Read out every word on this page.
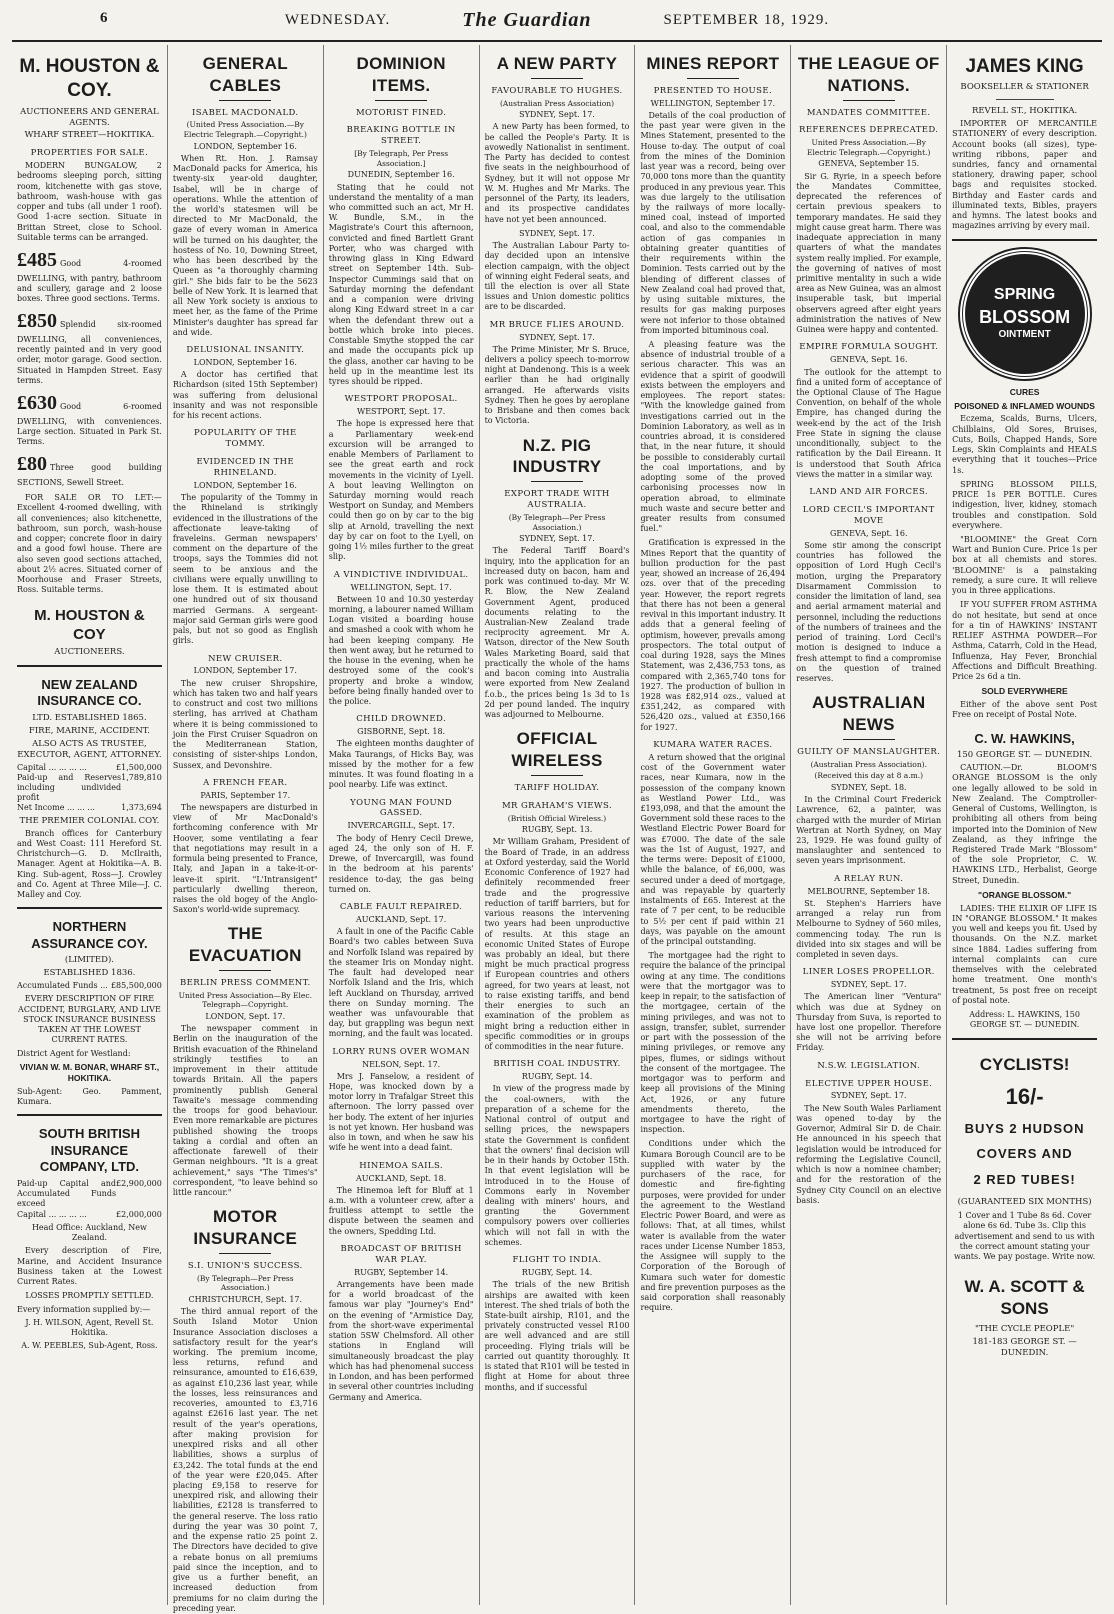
6	WEDNESDAY.	The Guardian	SEPTEMBER 18, 1929.
M. HOUSTON & COY.
AUCTIONEERS AND GENERAL AGENTS.
WHARF STREET—HOKITIKA.
PROPERTIES FOR SALE.

MODERN BUNGALOW, 2 bedrooms sleeping porch, sitting room, kitchenette with gas stove, bathroom, wash-house with gas copper and tubs (all under 1 roof). Good 1-acre section. Situate in Brittan Street, close to School. Suitable terms can be arranged.

£485 Good 4-roomed DWELLING, with pantry, bathroom and scullery, garage and 2 loose boxes. Three good sections. Terms.
£850 Splendid six-roomed DWELLING, all conveniences, recently painted and in very good order, motor garage. Good section. Situated in Hampden Street. Easy terms.
£630 Good 6-roomed DWELLING, with conveniences. Large section. Situated in Park St. Terms.
£80 Three good building SECTIONS, Sewell Street.

FOR SALE OR TO LET:—Excellent 4-roomed dwelling, with all conveniences; also kitchenette, bathroom, sun porch, wash-house and copper; concrete floor in dairy and a good fowl house. There are also seven good sections attached, about 2½ acres. Situated corner of Moorhouse and Fraser Streets, Ross. Suitable terms.

M. HOUSTON & COY
AUCTIONEERS.
NEW ZEALAND INSURANCE CO.
LTD. ESTABLISHED 1865.
FIRE, MARINE, ACCIDENT.
ALSO ACTS AS TRUSTEE, EXECUTOR, AGENT, ATTORNEY.
Capital ... ... ... ...	£1,500,000
Paid-up and Reserves including undivided profit
1,789,810
Net Income ... ... ...	1,373,694
THE PREMIER COLONIAL COY.

Branch offices for Canterbury and West Coast: 111 Hereford St. Christchurch—G. D. McIlraith, Manager. Agent at Hokitika—A. B. King. Sub-agent, Ross—J. Crowley and Co. Agent at Three Mile—J. C. Malley and Coy.

NORTHERN ASSURANCE COY.
(LIMITED).
ESTABLISHED 1836.
Accumulated Funds ... £85,500,000
EVERY DESCRIPTION OF FIRE ACCIDENT, BURGLARY, AND LIVE STOCK INSURANCE BUSINESS TAKEN AT THE LOWEST CURRENT RATES.
District Agent for Westland:
VIVIAN W. M. BONAR, WHARF ST., HOKITIKA.
Sub-Agent: Geo. Pamment, Kumara.
SOUTH BRITISH INSURANCE COMPANY, LTD.
Paid-up Capital and Accumulated Funds exceed
£2,900,000
Capital ... ... ... ...	£2,000,000
Head Office: Auckland, New Zealand.

Every description of Fire, Marine, and Accident Insurance Business taken at the Lowest Current Rates.

LOSSES PROMPTLY SETTLED.
Every information supplied by:—
J. H. WILSON, Agent, Revell St. Hokitika.
A. W. PEEBLES, Sub-Agent, Ross.
GENERAL CABLES
ISABEL MACDONALD.
(United Press Association.—By Electric Telegraph.—Copyright.)
LONDON, September 16.

When Rt. Hon. J. Ramsay MacDonald packs for America, his twenty-six year-old daughter, Isabel, will be in charge of operations. While the attention of the world's statesmen will be directed to Mr MacDonald, the gaze of every woman in America will be turned on his daughter, the hostess of No. 10, Downing Street, who has been described by the Queen as "a thoroughly charming girl." She bids fair to be the 5623 belle of New York. It is learned that all New York society is anxious to meet her, as the fame of the Prime Minister's daughter has spread far and wide.

DELUSIONAL INSANITY.
LONDON, September 16.

A doctor has certified that Richardson (sited 15th September) was suffering from delusional insanity and was not responsible for his recent actions.

POPULARITY OF THE TOMMY.
EVIDENCED IN THE RHINELAND.
LONDON, September 16.

The popularity of the Tommy in the Rhineland is strikingly evidenced in the illustrations of the affectionate leave-taking of fraveleins. German newspapers' comment on the departure of the troops, says the Tommies did not seem to be anxious and the civilians were equally unwilling to lose them. It is estimated about one hundred out of six thousand married Germans. A sergeant-major said German girls were good pals, but not so good as English girls.

NEW CRUISER.
LONDON, September 17.

The new cruiser Shropshire, which has taken two and half years to construct and cost two millions sterling, has arrived at Chatham where it is being commissioned to join the First Cruiser Squadron on the Mediterranean Station, consisting of sister-ships London, Sussex, and Devonshire.

A FRENCH FEAR.
PARIS, September 17.

The newspapers are disturbed in view of Mr MacDonald's forthcoming conference with Mr Hoover, some ventilating a fear that negotiations may result in a formula being presented to France, Italy, and Japan in a take-it-or-leave-it spirit. "L'Intransigent" particularly dwelling thereon, raises the old bogey of the Anglo-Saxon's world-wide supremacy.

THE EVACUATION
BERLIN PRESS COMMENT.
United Press Association—By Elec. Telegraph—Copyright.
LONDON, Sept. 17.

The newspaper comment in Berlin on the inauguration of the British evacuation of the Rhineland strikingly testifies to an improvement in their attitude towards Britain. All the papers prominently publish General Tawaite's message commending the troops for good behaviour. Even more remarkable are pictures published showing the troops taking a cordial and often an affectionate farewell of their German neighbours. "It is a great achievement," says "The Times's" correspondent, "to leave behind so little rancour."

MOTOR INSURANCE
S.I. UNION'S SUCCESS.
(By Telegraph—Per Press Association.)
CHRISTCHURCH, Sept. 17.

The third annual report of the South Island Motor Union Insurance Association discloses a satisfactory result for the year's working. The premium income, less returns, refund and reinsurance, amounted to £16,639, as against £10,236 last year, while the losses, less reinsurances and recoveries, amounted to £3,716 against £2616 last year. The net result of the year's operations, after making provision for unexpired risks and all other liabilities, shows a surplus of £3,242. The total funds at the end of the year were £20,045. After placing £9,158 to reserve for unexpired risk, and allowing their liabilities, £2128 is transferred to the general reserve. The loss ratio during the year was 30 point 7, and the expense ratio 25 point 2. The Directors have decided to give a rebate bonus on all premiums paid since the inception, and to give us a further benefit, an increased deduction from premiums for no claim during the preceding year.

DOMINION ITEMS.
MOTORIST FINED.
BREAKING BOTTLE IN STREET.
[By Telegraph, Per Press Association.]
DUNEDIN, September 16.

Stating that he could not understand the mentality of a man who committed such an act, Mr H. W. Bundle, S.M., in the Magistrate's Court this afternoon, convicted and fined Bartlett Grant Porter, who was charged with throwing glass in King Edward street on September 14th. Sub-Inspector Cummings said that on Saturday morning the defendant and a companion were driving along King Edward street in a car when the defendant threw out a bottle which broke into pieces. Constable Smythe stopped the car and made the occupants pick up the glass, another car having to be held up in the meantime lest its tyres should be ripped.

WESTPORT PROPOSAL.
WESTPORT, Sept. 17.

The hope is expressed here that a Parliamentary week-end excursion will be arranged to enable Members of Parliament to see the great earth and rock movements in the vicinity of Lyell. A bout leaving Wellington on Saturday morning would reach Westport on Sunday, and Members could then go on by car to the big slip at Arnold, travelling the next day by car on foot to the Lyell, on going 1½ miles further to the great slip.

A VINDICTIVE INDIVIDUAL.
WELLINGTON, Sept. 17.

Between 10 and 10.30 yesterday morning, a labourer named William Logan visited a boarding house and smashed a cook with whom he had been keeping company. He then went away, but he returned to the house in the evening, when he destroyed some of the cook's property and broke a window, before being finally handed over to the police.

CHILD DROWNED.
GISBORNE, Sept. 18.

The eighteen months daughter of Maka Taurangs, of Hicks Bay, was missed by the mother for a few minutes. It was found floating in a pool nearby. Life was extinct.

YOUNG MAN FOUND GASSED.
INVERCARGILL, Sept. 17.

The body of Henry Cecil Drewe, aged 24, the only son of H. F. Drewe, of Invercargill, was found in the bedroom at his parents' residence to-day, the gas being turned on.

CABLE FAULT REPAIRED.
AUCKLAND, Sept. 17.

A fault in one of the Pacific Cable Board's two cables between Suva and Norfolk Island was repaired by the steamer Iris on Monday night. The fault had developed near Norfolk Island and the Iris, which left Auckland on Thursday, arrived there on Sunday morning. The weather was unfavourable that day, but grappling was begun next morning, and the fault was located.

LORRY RUNS OVER WOMAN
NELSON, Sept. 17.

Mrs J. Fanselow, a resident of Hope, was knocked down by a motor lorry in Trafalgar Street this afternoon. The lorry passed over her body. The extent of her injuries is not yet known. Her husband was also in town, and when he saw his wife he went into a dead faint.

HINEMOA SAILS.
AUCKLAND, Sept. 18.

The Hinemoa left for Bluff at 1 a.m. with a volunteer crew, after a fruitless attempt to settle the dispute between the seamen and the owners, Spedding Ltd.

BROADCAST OF BRITISH WAR PLAY.
RUGBY, September 14.

Arrangements have been made for a world broadcast of the famous war play "Journey's End" on the evening of "Armistice Day, from the short-wave experimental station 5SW Chelmsford. All other stations in England will simultaneously broadcast the play which has had phenomenal success in London, and has been performed in several other countries including Germany and America.

A NEW PARTY
FAVOURABLE TO HUGHES.
(Australian Press Association)
SYDNEY, Sept. 17.

A new Party has been formed, to be called the People's Party. It is avowedly Nationalist in sentiment. The Party has decided to contest five seats in the neighbourhood of Sydney, but it will not oppose Mr W. M. Hughes and Mr Marks. The personnel of the Party, its leaders, and its prospective candidates have not yet been announced.

SYDNEY, Sept. 17.

The Australian Labour Party to-day decided upon an intensive election campaign, with the object of winning eight Federal seats, and till the election is over all State issues and Union domestic politics are to be discarded.

MR BRUCE FLIES AROUND.
SYDNEY, Sept. 17.

The Prime Minister, Mr S. Bruce, delivers a policy speech to-morrow night at Dandenong. This is a week earlier than he had originally arranged. He afterwards visits Sydney. Then he goes by aeroplane to Brisbane and then comes back to Victoria.

N.Z. PIG INDUSTRY
EXPORT TRADE WITH AUSTRALIA.
(By Telegraph—Per Press Association.)
SYDNEY, Sept. 17.

The Federal Tariff Board's inquiry, into the application for an increased duty on bacon, ham and pork was continued to-day. Mr W. R. Blow, the New Zealand Government Agent, produced documents relating to the Australian-New Zealand trade reciprocity agreement. Mr A. Watson, director of the New South Wales Marketing Board, said that practically the whole of the hams and bacon coming into Australia were exported from New Zealand f.o.b., the prices being 1s 3d to 1s 2d per pound landed. The inquiry was adjourned to Melbourne.

OFFICIAL WIRELESS
TARIFF HOLIDAY.
MR GRAHAM'S VIEWS.
(British Official Wireless.)
RUGBY, Sept. 13.

Mr William Graham, President of the Board of Trade, in an address at Oxford yesterday, said the World Economic Conference of 1927 had definitely recommended freer trade and the progressive reduction of tariff barriers, but for various reasons the intervening two years had been unproductive of results. At this stage an economic United States of Europe was probably an ideal, but there might be much practical progress if European countries and others agreed, for two years at least, not to raise existing tariffs, and bend their energies to such an examination of the problem as might bring a reduction either in specific commodities or in groups of commodities in the near future.

BRITISH COAL INDUSTRY.
RUGBY, Sept. 14.

In view of the progress made by the coal-owners, with the preparation of a scheme for the National control of output and selling prices, the newspapers state the Government is confident that the owners' final decision will be in their hands by October 15th. In that event legislation will be introduced in to the House of Commons early in November dealing with miners' hours, and granting the Government compulsory powers over collieries which will not fall in with the schemes.

FLIGHT TO INDIA.
RUGBY, Sept. 14.

The trials of the new British airships are awaited with keen interest. The shed trials of both the State-built airship, R101, and the privately constructed vessel R100 are well advanced and are still proceeding. Flying trials will be carried out quantity thoroughly. It is stated that R101 will be tested in flight at Home for about three months, and if successful

MINES REPORT
PRESENTED TO HOUSE.
WELLINGTON, September 17.

Details of the coal production of the past year were given in the Mines Statement, presented to the House to-day. The output of coal from the mines of the Dominion last year was a record, being over 70,000 tons more than the quantity produced in any previous year. This was due largely to the utilisation by the railways of more locally-mined coal, instead of imported coal, and also to the commendable action of gas companies in obtaining greater quantities of their requirements within the Dominion. Tests carried out by the blending of different classes of New Zealand coal had proved that, by using suitable mixtures, the results for gas making purposes were not inferior to those obtained from imported bituminous coal.

A pleasing feature was the absence of industrial trouble of a serious character. This was an evidence that a spirit of goodwill exists between the employers and employees. The report states: "With the knowledge gained from investigations carried out in the Dominion Laboratory, as well as in countries abroad, it is considered that, in the near future, it should be possible to considerably curtail the coal importations, and by adopting some of the proved carbonising processes now in operation abroad, to eliminate much waste and secure better and greater results from consumed fuel."

Gratification is expressed in the Mines Report that the quantity of bullion production for the past year, showed an increase of 26,494 ozs. over that of the preceding year. However, the report regrets that there has not been a general revival in this important industry. It adds that a general feeling of optimism, however, prevails among prospectors. The total output of coal during 1928, says the Mines Statement, was 2,436,753 tons, as compared with 2,365,740 tons for 1927. The production of bullion in 1928 was £82,914 ozs., valued at £351,242, as compared with 526,420 ozs., valued at £350,166 for 1927.

KUMARA WATER RACES.

A return showed that the original cost of the Government water races, near Kumara, now in the possession of the company known as Westland Power Ltd., was £193,098, and that the amount the Government sold these races to the Westland Electric Power Board for was £7000. The date of the sale was the 1st of August, 1927, and the terms were: Deposit of £1000, while the balance, of £6,000, was secured under a deed of mortgage, and was repayable by quarterly instalments of £65. Interest at the rate of 7 per cent, to be reducible to 5½ per cent if paid within 21 days, was payable on the amount of the principal outstanding.

The mortgagee had the right to require the balance of the principal owing at any time. The conditions were that the mortgagor was to keep in repair, to the satisfaction of the mortgagee, certain of the mining privileges, and was not to assign, transfer, sublet, surrender or part with the possession of the mining privileges, or remove any pipes, flumes, or sidings without the consent of the mortgagee. The mortgagor was to perform and keep all provisions of the Mining Act, 1926, or any future amendments thereto, the mortgagee to have the right of inspection.

Conditions under which the Kumara Borough Council are to be supplied with water by the purchasers of the race, for domestic and fire-fighting purposes, were provided for under the agreement to the Westland Electric Power Board, and were as follows: That, at all times, whilst water is available from the water races under License Number 1853, the Assignee will supply to the Corporation of the Borough of Kumara such water for domestic and fire prevention purposes as the said corporation shall reasonably require.

THE LEAGUE OF NATIONS.
MANDATES COMMITTEE.
REFERENCES DEPRECATED.
United Press Association.—By Electric Telegraph.—Copyright.)
GENEVA, September 15.

Sir G. Ryrie, in a speech before the Mandates Committee, deprecated the references of certain previous speakers to temporary mandates. He said they might cause great harm. There was inadequate appreciation in many quarters of what the mandates system really implied. For example, the governing of natives of most primitive mentality in such a wide area as New Guinea, was an almost insuperable task, but imperial observers agreed after eight years administration the natives of New Guinea were happy and contented.

EMPIRE FORMULA SOUGHT.
GENEVA, Sept. 16.

The outlook for the attempt to find a united form of acceptance of the Optional Clause of The Hague Convention, on behalf of the whole Empire, has changed during the week-end by the act of the Irish Free State in signing the clause unconditionally, subject to the ratification by the Dail Eireann. It is understood that South Africa views the matter in a similar way.

LAND AND AIR FORCES.
LORD CECIL'S IMPORTANT MOVE
GENEVA, Sept. 16.

Some stir among the conscript countries has followed the opposition of Lord Hugh Cecil's motion, urging the Preparatory Disarmament Commission to consider the limitation of land, sea and aerial armament material and personnel, including the reductions of the numbers of trainees and the period of training. Lord Cecil's motion is designed to induce a fresh attempt to find a compromise on the question of trained reserves.

AUSTRALIAN NEWS
GUILTY OF MANSLAUGHTER.
(Australian Press Association).
(Received this day at 8 a.m.)
SYDNEY, Sept. 18.

In the Criminal Court Frederick Lawrence, 62, a painter, was charged with the murder of Mirian Wertran at North Sydney, on May 23, 1929. He was found guilty of manslaughter and sentenced to seven years imprisonment.

A RELAY RUN.
MELBOURNE, September 18.

St. Stephen's Harriers have arranged a relay run from Melbourne to Sydney of 560 miles, commencing today. The run is divided into six stages and will be completed in seven days.

LINER LOSES PROPELLOR.
SYDNEY, Sept. 17.

The American liner "Ventura" which was due at Sydney on Thursday from Suva, is reported to have lost one propellor. Therefore she will not be arriving before Friday.

N.S.W. LEGISLATION.
ELECTIVE UPPER HOUSE.
SYDNEY, Sept. 17.

The New South Wales Parliament was opened to-day by the Governor, Admiral Sir D. de Chair. He announced in his speech that legislation would be introduced for reforming the Legislative Council, which is now a nominee chamber; and for the restoration of the Sydney City Council on an elective basis.

JAMES KING
BOOKSELLER & STATIONER
REVELL ST., HOKITIKA.

IMPORTER OF MERCANTILE STATIONERY of every description. Account books (all sizes), type-writing ribbons, paper and sundries, fancy and ornamental stationery, drawing paper, school bags and requisites stocked. Birthday and Easter cards and illuminated texts, Bibles, prayers and hymns. The latest books and magazines arriving by every mail.

SPRING
BLOSSOM
OINTMENT
CURES
POISONED & INFLAMED WOUNDS

Eczema, Scalds, Burns, Ulcers, Chilblains, Old Sores, Bruises, Cuts, Boils, Chapped Hands, Sore Legs, Skin Complaints and HEALS everything that it touches—Price 1s.

SPRING BLOSSOM PILLS, PRICE 1s PER BOTTLE. Cures indigestion, liver, kidney, stomach troubles and constipation. Sold everywhere.

"BLOOMINE" the Great Corn Wart and Bunion Cure. Price 1s per box at all chemists and stores. 'BLOOMINE' is a painstaking remedy, a sure cure. It will relieve you in three applications.

IF YOU SUFFER FROM ASTHMA do not hesitate, but send at once for a tin of HAWKINS' INSTANT RELIEF ASTHMA POWDER—For Asthma, Catarrh, Cold in the Head, Influenza, Hay Fever, Bronchial Affections and Difficult Breathing. Price 2s 6d a tin.

SOLD EVERYWHERE

Either of the above sent Post Free on receipt of Postal Note.

C. W. HAWKINS,
150 GEORGE ST. — DUNEDIN.

CAUTION.—Dr. BLOOM'S ORANGE BLOSSOM is the only one legally allowed to be sold in New Zealand. The Comptroller-General of Customs, Wellington, is prohibiting all others from being imported into the Dominion of New Zealand, as they infringe the Registered Trade Mark "Blossom" of the sole Proprietor, C. W. HAWKINS LTD., Herbalist, George Street, Dunedin.

"ORANGE BLOSSOM."

LADIES: THE ELIXIR OF LIFE IS IN "ORANGE BLOSSOM." It makes you well and keeps you fit. Used by thousands. On the N.Z. market since 1884. Ladies suffering from internal complaints can cure themselves with the celebrated home treatment. One month's treatment, 5s post free on receipt of postal note.

Address: L. HAWKINS, 150 GEORGE ST. — DUNEDIN.
CYCLISTS!
16/-
BUYS 2 HUDSON
COVERS AND
2 RED TUBES!
(GUARANTEED SIX MONTHS)
1 Cover and 1 Tube 8s 6d. Cover alone 6s 6d. Tube 3s. Clip this advertisement and send to us with the correct amount stating your wants. We pay postage. Write now.
W. A. SCOTT & SONS
"THE CYCLE PEOPLE"
181-183 GEORGE ST. — DUNEDIN.
